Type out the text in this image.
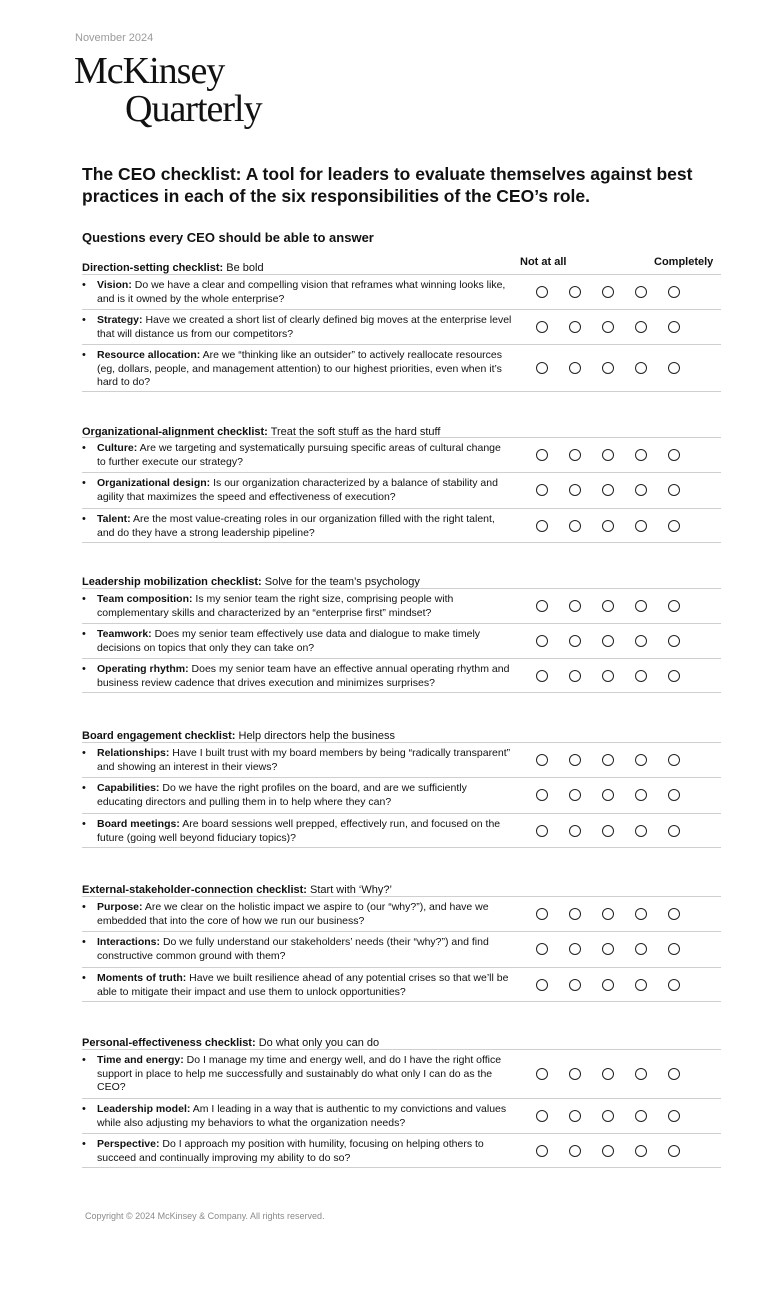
November 2024
McKinsey
Quarterly
The CEO checklist: A tool for leaders to evaluate themselves against best practices in each of the six responsibilities of the CEO’s role.
Questions every CEO should be able to answer
Not at all	Completely
Direction-setting checklist: Be bold
• Vision: Do we have a clear and compelling vision that reframes what winning looks like, and is it owned by the whole enterprise?
• Strategy: Have we created a short list of clearly defined big moves at the enterprise level that will distance us from our competitors?
• Resource allocation: Are we “thinking like an outsider” to actively reallocate resources (eg, dollars, people, and management attention) to our highest priorities, even when it’s hard to do?
Organizational-alignment checklist: Treat the soft stuff as the hard stuff
• Culture: Are we targeting and systematically pursuing specific areas of cultural change to further execute our strategy?
• Organizational design: Is our organization characterized by a balance of stability and agility that maximizes the speed and effectiveness of execution?
• Talent: Are the most value-creating roles in our organization filled with the right talent, and do they have a strong leadership pipeline?
Leadership mobilization checklist: Solve for the team’s psychology
• Team composition: Is my senior team the right size, comprising people with complementary skills and characterized by an “enterprise first” mindset?
• Teamwork: Does my senior team effectively use data and dialogue to make timely decisions on topics that only they can take on?
• Operating rhythm: Does my senior team have an effective annual operating rhythm and business review cadence that drives execution and minimizes surprises?
Board engagement checklist: Help directors help the business
• Relationships: Have I built trust with my board members by being “radically transparent” and showing an interest in their views?
• Capabilities: Do we have the right profiles on the board, and are we sufficiently educating directors and pulling them in to help where they can?
• Board meetings: Are board sessions well prepped, effectively run, and focused on the future (going well beyond fiduciary topics)?
External-stakeholder-connection checklist: Start with ‘Why?’
• Purpose: Are we clear on the holistic impact we aspire to (our “why?”), and have we embedded that into the core of how we run our business?
• Interactions: Do we fully understand our stakeholders’ needs (their “why?”) and find constructive common ground with them?
• Moments of truth: Have we built resilience ahead of any potential crises so that we’ll be able to mitigate their impact and use them to unlock opportunities?
Personal-effectiveness checklist: Do what only you can do
• Time and energy: Do I manage my time and energy well, and do I have the right office support in place to help me successfully and sustainably do what only I can do as the CEO?
• Leadership model: Am I leading in a way that is authentic to my convictions and values while also adjusting my behaviors to what the organization needs?
• Perspective: Do I approach my position with humility, focusing on helping others to succeed and continually improving my ability to do so?
Copyright © 2024 McKinsey & Company. All rights reserved.
